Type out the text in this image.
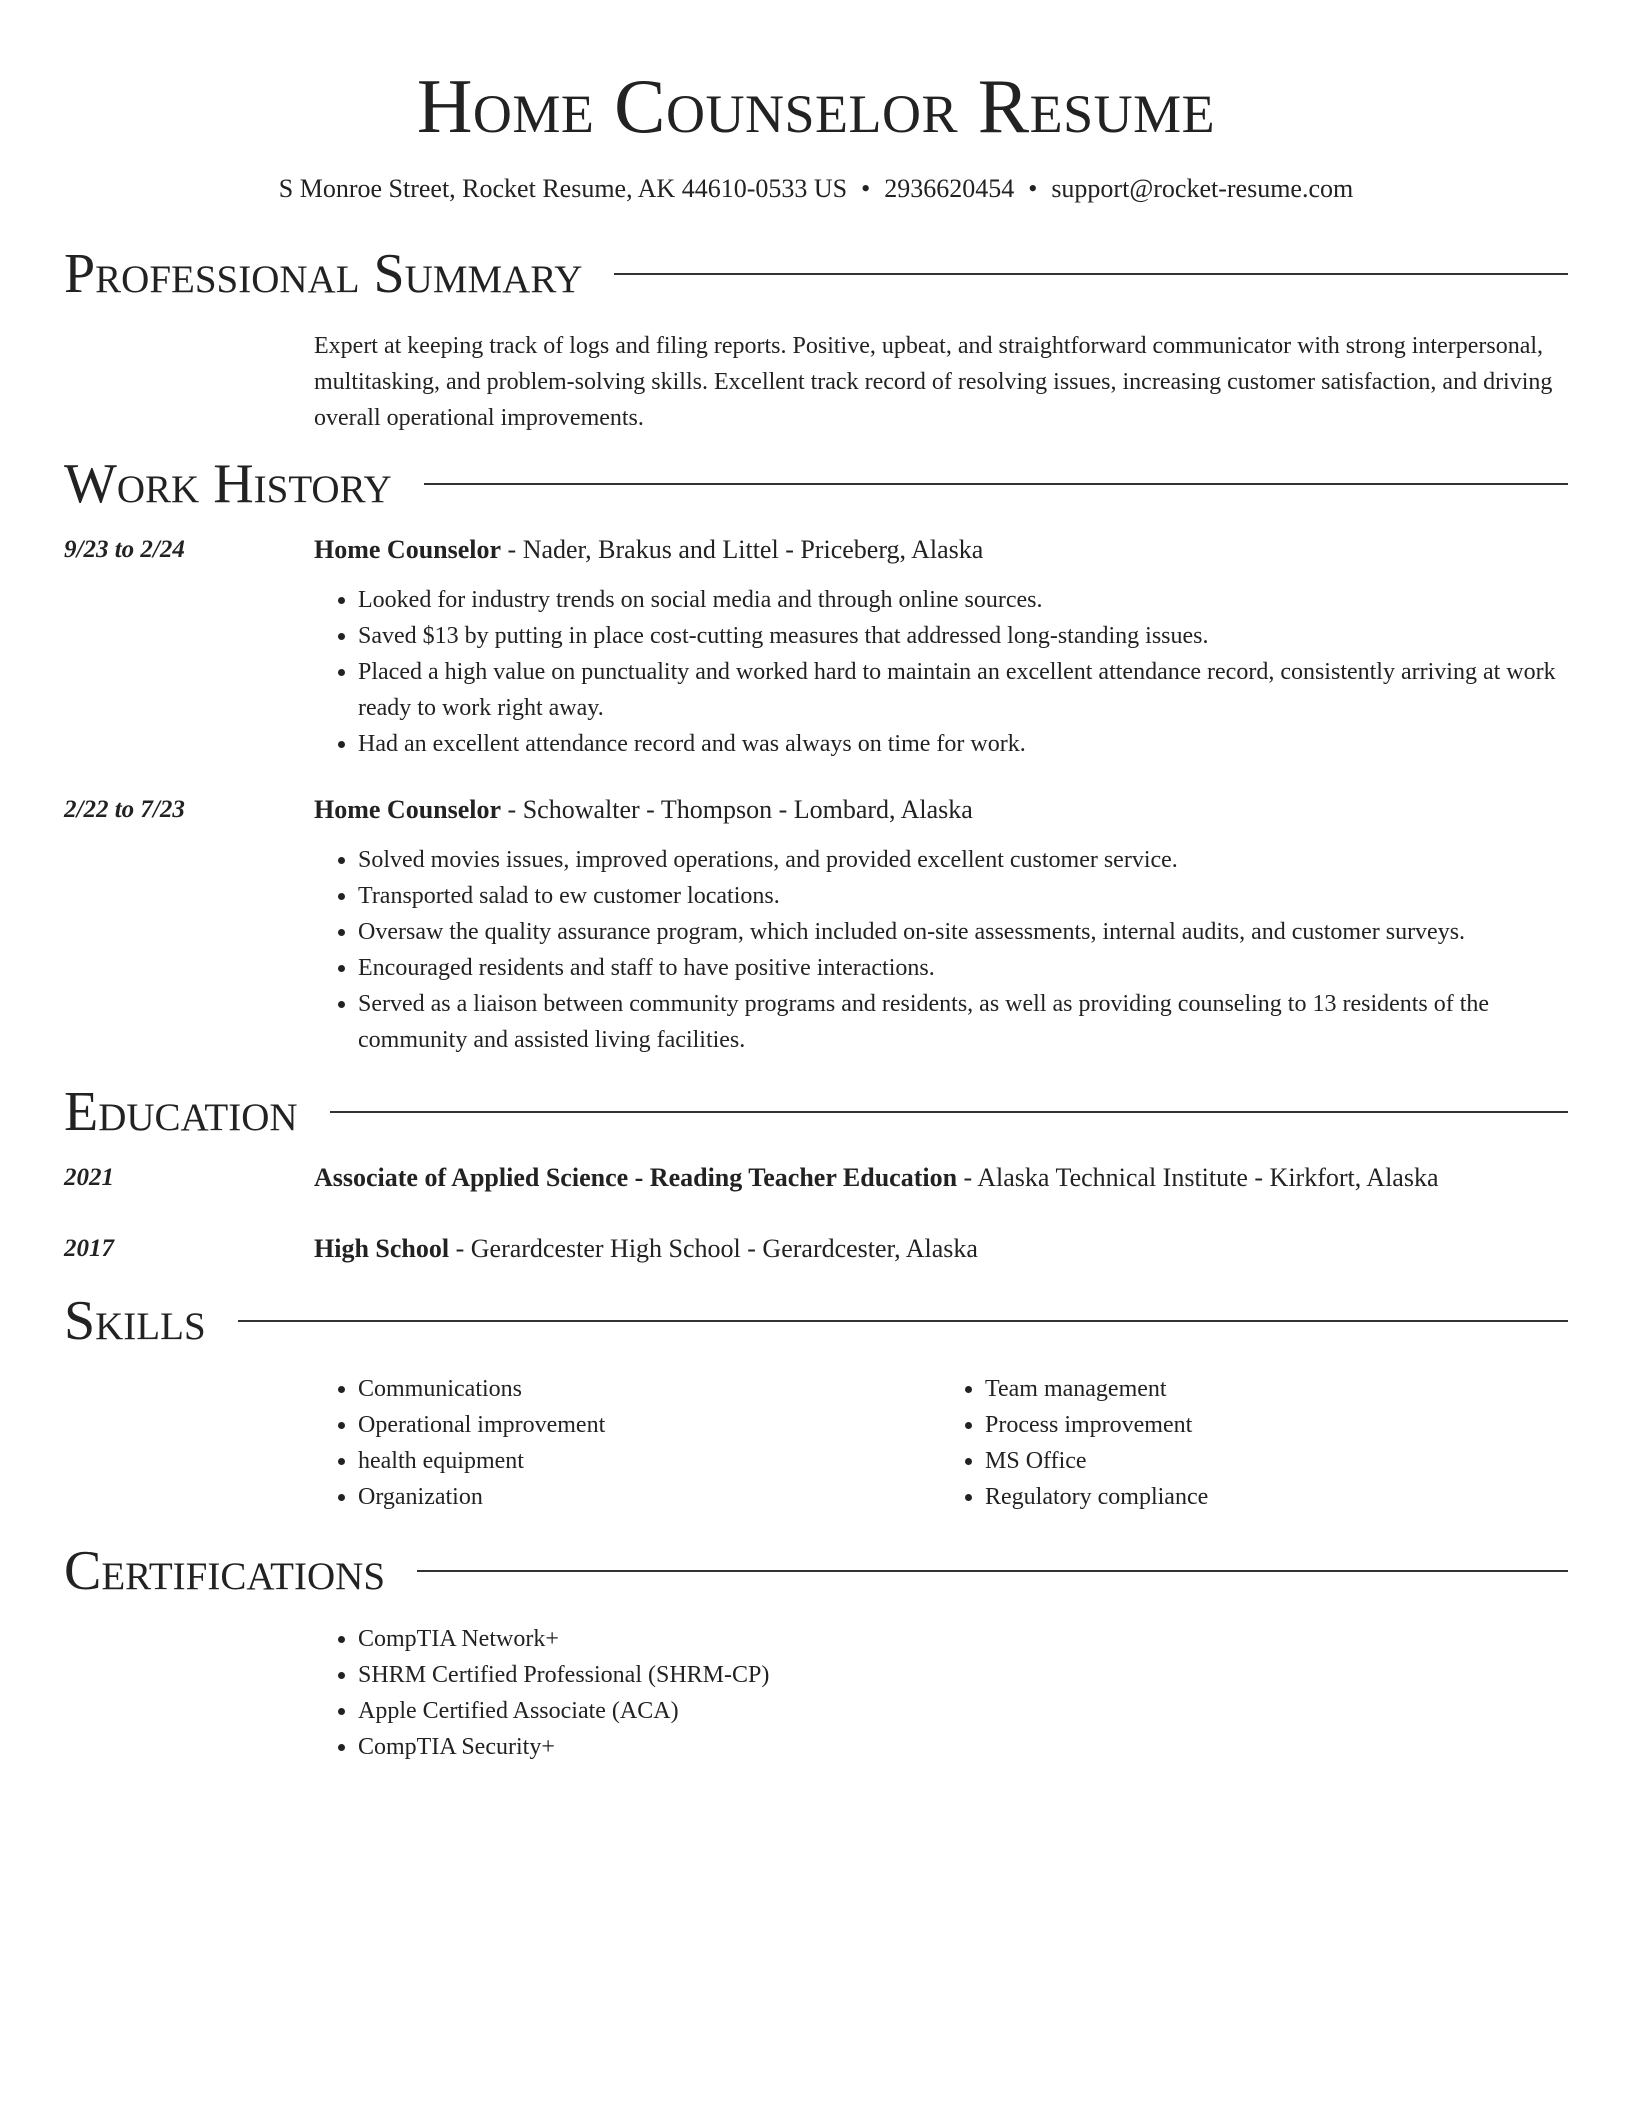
Home Counselor Resume
S Monroe Street, Rocket Resume, AK 44610-0533 US • 2936620454 • support@rocket-resume.com
Professional Summary

Expert at keeping track of logs and filing reports. Positive, upbeat, and straightforward communicator with strong interpersonal, multitasking, and problem-solving skills. Excellent track record of resolving issues, increasing customer satisfaction, and driving overall operational improvements.

Work History
9/23 to 2/24	Home Counselor - Nader, Brakus and Littel - Priceberg, Alaska
• Looked for industry trends on social media and through online sources.
• Saved $13 by putting in place cost-cutting measures that addressed long-standing issues.
• Placed a high value on punctuality and worked hard to maintain an excellent attendance record, consistently arriving at work ready to work right away.
• Had an excellent attendance record and was always on time for work.
2/22 to 7/23	Home Counselor - Schowalter - Thompson - Lombard, Alaska
• Solved movies issues, improved operations, and provided excellent customer service.
• Transported salad to ew customer locations.
• Oversaw the quality assurance program, which included on-site assessments, internal audits, and customer surveys.
• Encouraged residents and staff to have positive interactions.
• Served as a liaison between community programs and residents, as well as providing counseling to 13 residents of the community and assisted living facilities.
Education
2021	Associate of Applied Science - Reading Teacher Education - Alaska Technical Institute - Kirkfort, Alaska
2017	High School - Gerardcester High School - Gerardcester, Alaska
Skills
• Communications
• Operational improvement
• health equipment
• Organization
• Team management
• Process improvement
• MS Office
• Regulatory compliance
Certifications
• CompTIA Network+
• SHRM Certified Professional (SHRM-CP)
• Apple Certified Associate (ACA)
• CompTIA Security+
